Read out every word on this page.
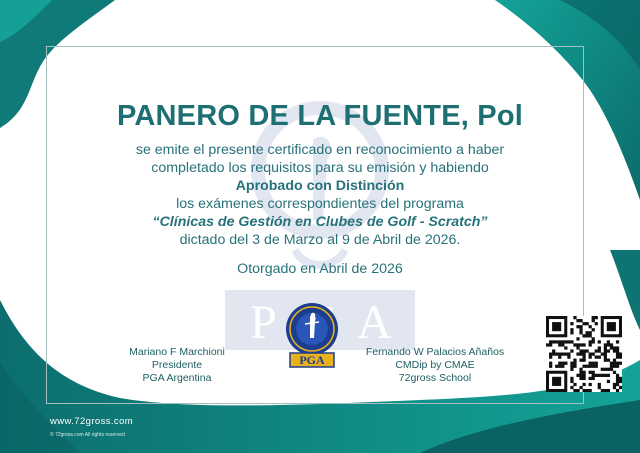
P A
PANERO DE LA FUENTE, Pol
se emite el presente certificado en reconocimiento a haber
completado los requisitos para su emisión y habiendo
Aprobado con Distinción
los exámenes correspondientes del programa
“Clínicas de Gestión en Clubes de Golf - Scratch”
dictado del 3 de Marzo al 9 de Abril de 2026.
Otorgado en Abril de 2026
PGA
Mariano F Marchioni
Presidente
PGA Argentina
Fernando W Palacios Añaños
CMDip by CMAE
72gross School
www.72gross.com
© 72gross.com All rights reserved
